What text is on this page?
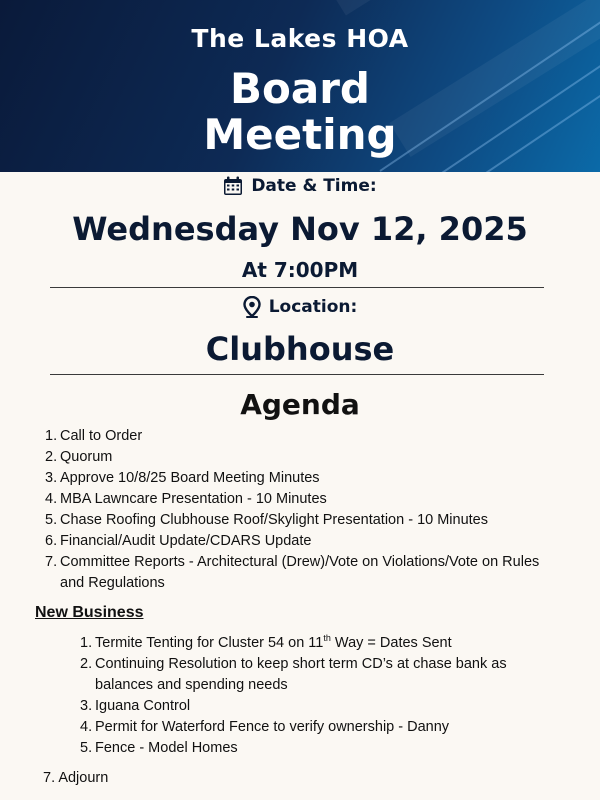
The Lakes HOA
Board
Meeting
Date & Time:
Wednesday Nov 12, 2025
At 7:00PM
Location:
Clubhouse
Agenda
1. Call to Order
2. Quorum
3. Approve 10/8/25 Board Meeting Minutes
4. MBA Lawncare Presentation - 10 Minutes
5. Chase Roofing Clubhouse Roof/Skylight Presentation - 10 Minutes
6. Financial/Audit Update/CDARS Update
7. Committee Reports - Architectural (Drew)/Vote on Violations/Vote on Rules and Regulations
New Business
1. Termite Tenting for Cluster 54 on 11th Way = Dates Sent
2. Continuing Resolution to keep short term CD’s at chase bank as balances and spending needs
3. Iguana Control
4. Permit for Waterford Fence to verify ownership - Danny
5. Fence - Model Homes
7. Adjourn
